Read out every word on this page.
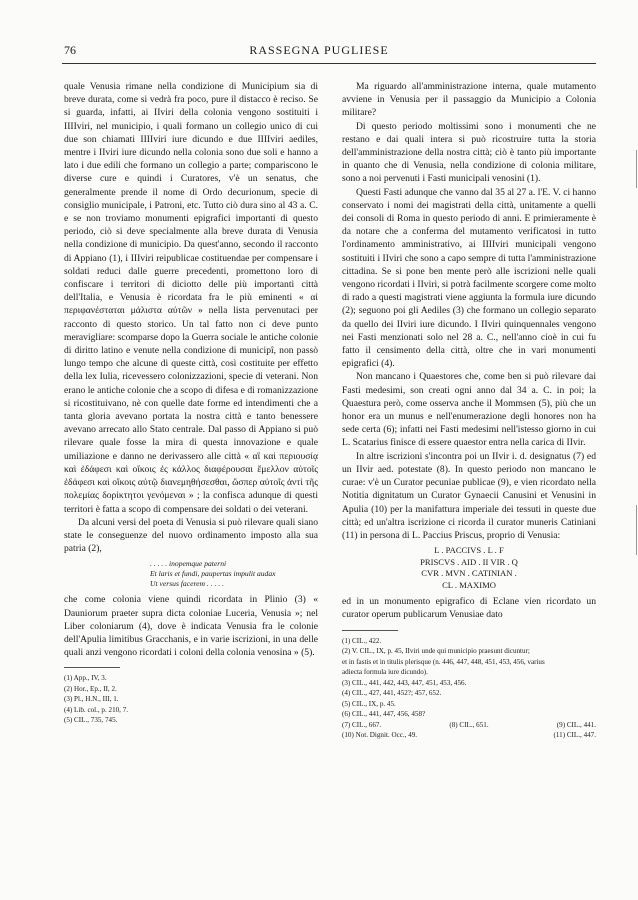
76	RASSEGNA PUGLIESE

quale Venusia rimane nella condizione di Municipium sia di breve durata, come si vedrà fra poco, pure il distacco è reciso. Se si guarda, infatti, ai IIviri della colonia vengono sostituiti i IIIIviri, nel municipio, i quali formano un collegio unico di cui due son chiamati IIIIviri iure dicundo e due IIIIviri aediles, mentre i IIviri iure dicundo nella colonia sono due soli e hanno a lato i due edili che formano un collegio a parte; compariscono le diverse cure e quindi i Curatores, v'è un senatus, che generalmente prende il nome di Ordo decurionum, specie di consiglio municipale, i Patroni, etc. Tutto ciò dura sino al 43 a. C. e se non troviamo monumenti epigrafici importanti di questo periodo, ciò si deve specialmente alla breve durata di Venusia nella condizione di municipio. Da quest'anno, secondo il racconto di Appiano (1), i IIIviri reipublicae costituendae per compensare i soldati reduci dalle guerre precedenti, promettono loro di confiscare i territori di diciotto delle più importanti città dell'Italia, e Venusia è ricordata fra le più eminenti « αἱ περιφανέσταται μάλιστα αὐτῶν » nella lista pervenutaci per racconto di questo storico. Un tal fatto non ci deve punto meravigliare: scomparse dopo la Guerra sociale le antiche colonie di diritto latino e venute nella condizione di municipî, non passò lungo tempo che alcune di queste città, così costituite per effetto della lex Iulia, ricevessero colonizzazioni, specie di veterani. Non erano le antiche colonie che a scopo di difesa e di romanizzazione si ricostituivano, nè con quelle date forme ed intendimenti che a tanta gloria avevano portata la nostra città e tanto benessere avevano arrecato allo Stato centrale. Dal passo di Appiano si può rilevare quale fosse la mira di questa innovazione e quale umiliazione e danno ne derivassero alle città « αἳ καὶ περιουσίᾳ καὶ ἐδάφεσι καὶ οἴκοις ἐς κάλλος διαφέρουσαι ἔμελλον αὐτοῖς ἐδάφεσι καὶ οἴκοις αὐτῷ διανεμηθήσεσθαι, ὥσπερ αὐτοῖς ἀντὶ τῆς πολεμίας δορίκτητοι γενόμεναι » ; la confisca adunque di questi territori è fatta a scopo di compensare dei soldati o dei veterani.

Da alcuni versi del poeta di Venusia si può rilevare quali siano state le conseguenze del nuovo ordinamento imposto alla sua patria (2),

. . . . . inopemque paterni
Et laris et fundi, paupertas impulit audax
Ut versus facerem . . . . .

che come colonia viene quindi ricordata in Plinio (3) « Dauniorum praeter supra dicta coloniae Luceria, Venusia »; nel Liber coloniarum (4), dove è indicata Venusia fra le colonie dell'Apulia limitibus Gracchanis, e in varie iscrizioni, in una delle quali anzi vengono ricordati i coloni della colonia venosina » (5).

(1) App., IV, 3.
(2) Hor., Ep., II, 2.
(3) Pl., H.N., III, 1.
(4) Lib. col., p. 210, 7.
(5) CIL., 735, 745.

Ma riguardo all'amministrazione interna, quale mutamento avviene in Venusia per il passaggio da Municipio a Colonia militare?

Di questo periodo moltissimi sono i monumenti che ne restano e dai quali intera si può ricostruire tutta la storia dell'amministrazione della nostra città; ciò è tanto più importante in quanto che di Venusia, nella condizione di colonia militare, sono a noi pervenuti i Fasti municipali venosini (1).

Questi Fasti adunque che vanno dal 35 al 27 a. l'E. V. ci hanno conservato i nomi dei magistrati della città, unitamente a quelli dei consoli di Roma in questo periodo di anni. E primieramente è da notare che a conferma del mutamento verificatosi in tutto l'ordinamento amministrativo, ai IIIIviri municipali vengono sostituiti i IIviri che sono a capo sempre di tutta l'amministrazione cittadina. Se si pone ben mente però alle iscrizioni nelle quali vengono ricordati i IIviri, si potrà facilmente scorgere come molto di rado a questi magistrati viene aggiunta la formula iure dicundo (2); seguono poi gli Aediles (3) che formano un collegio separato da quello dei IIviri iure dicundo. I IIviri quinquennales vengono nei Fasti menzionati solo nel 28 a. C., nell'anno cioè in cui fu fatto il censimento della città, oltre che in vari monumenti epigrafici (4).

Non mancano i Quaestores che, come ben si può rilevare dai Fasti medesimi, son creati ogni anno dal 34 a. C. in poi; la Quaestura però, come osserva anche il Mommsen (5), più che un honor era un munus e nell'enumerazione degli honores non ha sede certa (6); infatti nei Fasti medesimi nell'istesso giorno in cui L. Scatarius finisce di essere quaestor entra nella carica di IIvir.

In altre iscrizioni s'incontra poi un IIvir i. d. designatus (7) ed un IIvir aed. potestate (8). In questo periodo non mancano le curae: v'è un Curator pecuniae publicae (9), e vien ricordato nella Notitia dignitatum un Curator Gynaecii Canusini et Venusini in Apulia (10) per la manifattura imperiale dei tessuti in queste due città; ed un'altra iscrizione ci ricorda il curator muneris Catiniani (11) in persona di L. Paccius Priscus, proprio di Venusia:

L . PACCIVS . L . F
PRISCVS . AID . II VIR . Q
CVR . MVN . CATINIAN .
CL . MAXIMO

ed in un monumento epigrafico di Eclane vien ricordato un curator operum publicarum Venusiae dato

(1) CIL., 422.
(2) V. CIL., IX, p. 45, IIviri unde qui municipio praesunt dicuntur;
et in fastis et in titulis plerisque (n. 446, 447, 448, 451, 453, 456, varius
adiecta formula iure dicundo).
(3) CIL., 441, 442, 443, 447, 451, 453, 456.
(4) CIL., 427, 441, 452?; 457, 652.
(5) CIL., IX, p. 45.
(6) CIL., 441, 447, 456, 458?
(7) CIL., 667.	(8) CIL., 651.	(9) CIL., 441.
(10) Not. Dignit. Occ., 49.	(11) CIL., 447.
